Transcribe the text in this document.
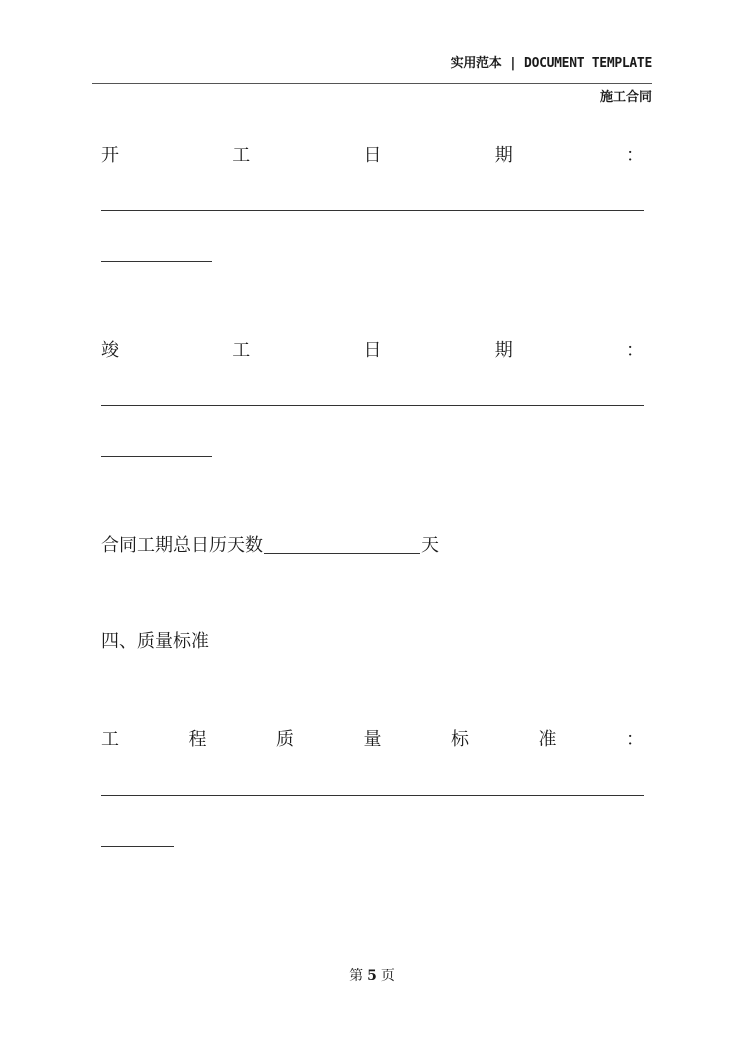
实用范本 | DOCUMENT TEMPLATE
施工合同
开	工	日	期	：
竣	工	日	期	：
合同工期总日历天数	天
四、质量标准
工	程	质	量	标	准	：
第 5 页
